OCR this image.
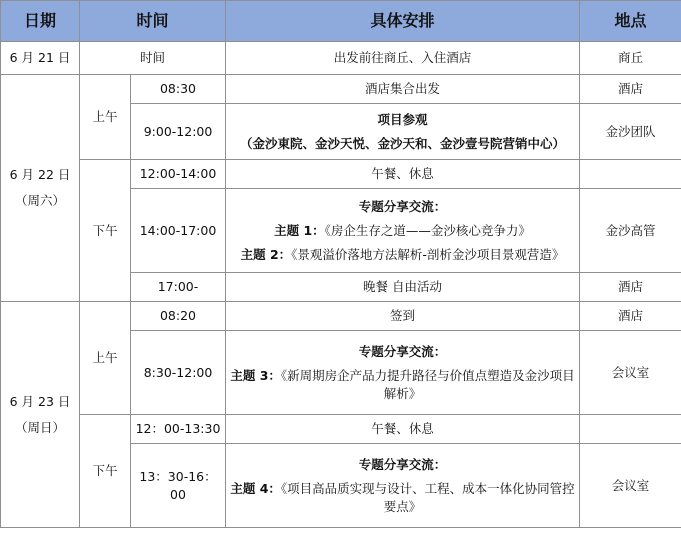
日期	时间		具体安排	地点
6 月 21 日	时间		出发前往商丘、入住酒店	商丘

6 月 22 日
（周六）	上午	08:30	酒店集合出发	酒店
		9:00-12:00	项目参观
（金沙東院、金沙天悦、金沙天和、金沙壹号院营销中心）	金沙团队
	下午	12:00-14:00	午餐、休息	
		14:00-17:00	专题分享交流：
主题 1：《房企生存之道——金沙核心竞争力》
主题 2：《景观溢价落地方法解析-剖析金沙项目景观营造》	金沙高管
		17:00-	晚餐 自由活动	酒店

6 月 23 日
（周日）	上午	08:20	签到	酒店
		8:30-12:00	专题分享交流：
主题 3：《新周期房企产品力提升路径与价值点塑造及金沙项目解析》	会议室
	下午	12：00-13:30	午餐、休息	
		13：30-16：00	专题分享交流：
主题 4：《项目高品质实现与设计、工程、成本一体化协同管控要点》	会议室
